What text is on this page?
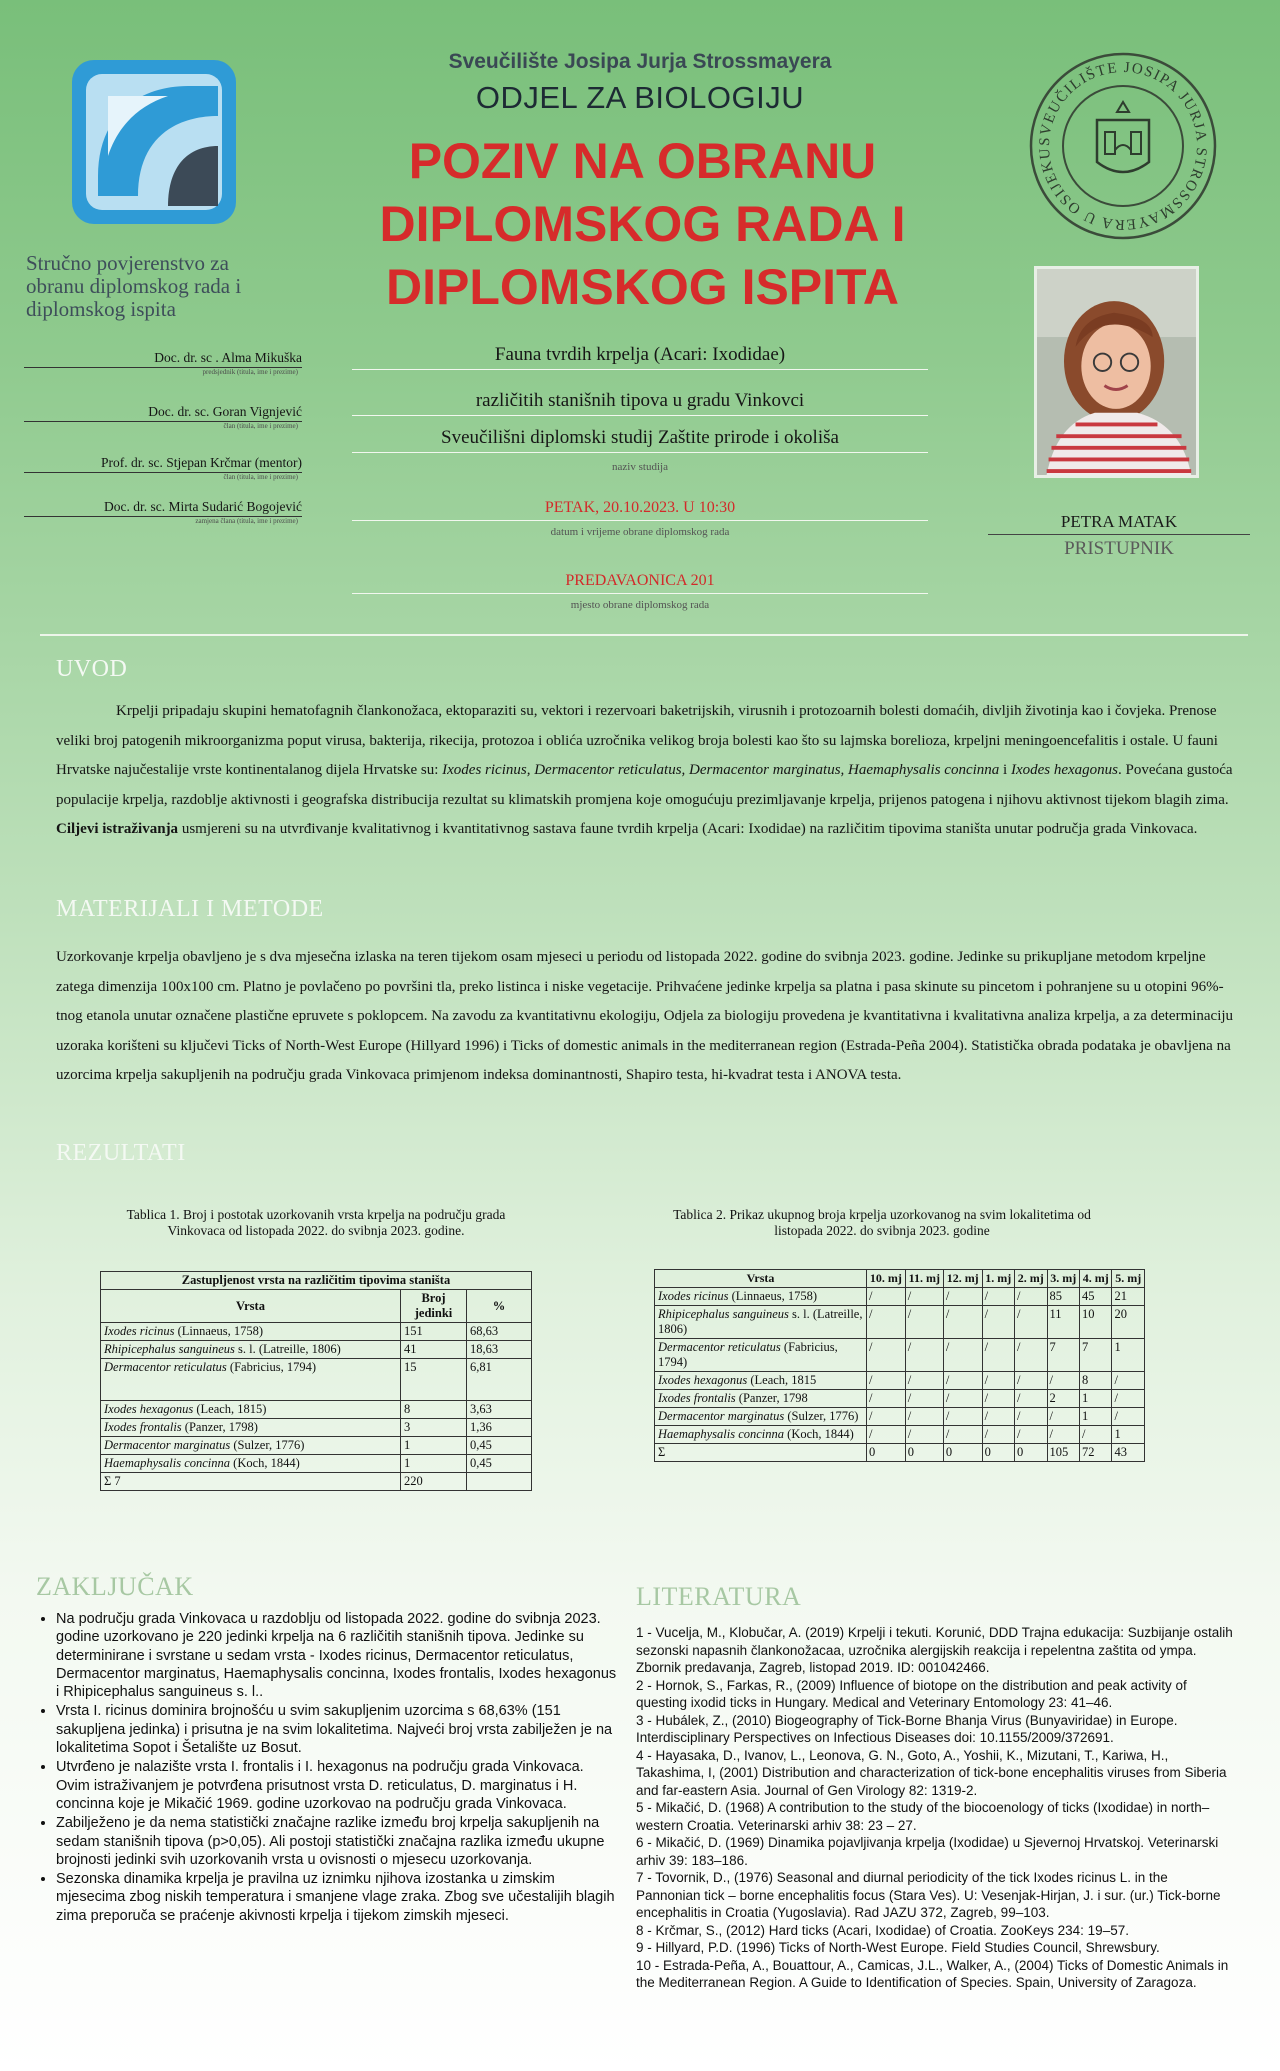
Stručno povjerenstvo za obranu diplomskog rada i diplomskog ispita
Doc. dr. sc . Alma Mikuška
predsjednik (titula, ime i prezime)
Doc. dr. sc. Goran Vignjević
član (titula, ime i prezime)
Prof. dr. sc. Stjepan Krčmar (mentor)
član (titula, ime i prezime)
Doc. dr. sc. Mirta Sudarić Bogojević
zamjena člana (titula, ime i prezime)
Sveučilište Josipa Jurja Strossmayera
ODJEL ZA BIOLOGIJU
POZIV NA OBRANU
DIPLOMSKOG RADA I
DIPLOMSKOG ISPITA
SVEUČILIŠTE JOSIPA JURJA STROSSMAYERA U OSIJEKU
Fauna tvrdih krpelja (Acari: Ixodidae)
različitih stanišnih tipova u gradu Vinkovci
Sveučilišni diplomski studij Zaštite prirode i okoliša
naziv studija
PETAK, 20.10.2023. U 10:30
datum i vrijeme obrane diplomskog rada
PREDAVAONICA 201
mjesto obrane diplomskog rada
PETRA MATAK
PRISTUPNIK
UVOD
Krpelji pripadaju skupini hematofagnih člankonožaca, ektoparaziti su, vektori i rezervoari baketrijskih, virusnih i protozoarnih bolesti domaćih, divljih životinja kao i čovjeka. Prenose veliki broj patogenih mikroorganizma poput virusa, bakterija, rikecija, protozoa i oblića uzročnika velikog broja bolesti kao što su lajmska borelioza, krpeljni meningoencefalitis i ostale. U fauni Hrvatske najučestalije vrste kontinentalanog dijela Hrvatske su: Ixodes ricinus, Dermacentor reticulatus, Dermacentor marginatus, Haemaphysalis concinna i Ixodes hexagonus. Povećana gustoća populacije krpelja, razdoblje aktivnosti i geografska distribucija rezultat su klimatskih promjena koje omogućuju prezimljavanje krpelja, prijenos patogena i njihovu aktivnost tijekom blagih zima. Ciljevi istraživanja usmjereni su na utvrđivanje kvalitativnog i kvantitativnog sastava faune tvrdih krpelja (Acari: Ixodidae) na različitim tipovima staništa unutar područja grada Vinkovaca.
MATERIJALI I METODE
Uzorkovanje krpelja obavljeno je s dva mjesečna izlaska na teren tijekom osam mjeseci u periodu od listopada 2022. godine do svibnja 2023. godine. Jedinke su prikupljane metodom krpeljne zatega dimenzija 100x100 cm. Platno je povlačeno po površini tla, preko listinca i niske vegetacije. Prihvaćene jedinke krpelja sa platna i pasa skinute su pincetom i pohranjene su u otopini 96%-tnog etanola unutar označene plastične epruvete s poklopcem. Na zavodu za kvantitativnu ekologiju, Odjela za biologiju provedena je kvantitativna i kvalitativna analiza krpelja, a za determinaciju uzoraka korišteni su ključevi Ticks of North-West Europe (Hillyard 1996) i Ticks of domestic animals in the mediterranean region (Estrada-Peña 2004). Statistička obrada podataka je obavljena na uzorcima krpelja sakupljenih na području grada Vinkovaca primjenom indeksa dominantnosti, Shapiro testa, hi-kvadrat testa i ANOVA testa.
REZULTATI
Tablica 1. Broj i postotak uzorkovanih vrsta krpelja na području grada Vinkovaca od listopada 2022. do svibnja 2023. godine.
Zastupljenost vrsta na različitim tipovima staništa		
Vrsta	Broj jedinki	%
Ixodes ricinus (Linnaeus, 1758)	151	68,63
Rhipicephalus sanguineus s. l. (Latreille, 1806)	41	18,63
Dermacentor reticulatus (Fabricius, 1794)	15	6,81
Ixodes hexagonus (Leach, 1815)	8	3,63
Ixodes frontalis (Panzer, 1798)	3	1,36
Dermacentor marginatus (Sulzer, 1776)	1	0,45
Haemaphysalis concinna (Koch, 1844)	1	0,45
Σ 7	220	
Tablica 2. Prikaz ukupnog broja krpelja uzorkovanog na svim lokalitetima od listopada 2022. do svibnja 2023. godine
Vrsta	10. mj	11. mj	12. mj	1. mj	2. mj	3. mj	4. mj	5. mj
Ixodes ricinus (Linnaeus, 1758)	/	/	/	/	/	85	45	21
Rhipicephalus sanguineus s. l. (Latreille, 1806)	/	/	/	/	/	11	10	20
Dermacentor reticulatus (Fabricius, 1794)	/	/	/	/	/	7	7	1
Ixodes hexagonus (Leach, 1815	/	/	/	/	/	/	8	/
Ixodes frontalis (Panzer, 1798	/	/	/	/	/	2	1	/
Dermacentor marginatus (Sulzer, 1776)	/	/	/	/	/	/	1	/
Haemaphysalis concinna (Koch, 1844)	/	/	/	/	/	/	/	1
Σ	0	0	0	0	0	105	72	43
ZAKLJUČAK
• Na području grada Vinkovaca u razdoblju od listopada 2022. godine do svibnja 2023. godine uzorkovano je 220 jedinki krpelja na 6 različitih stanišnih tipova. Jedinke su determinirane i svrstane u sedam vrsta - Ixodes ricinus, Dermacentor reticulatus, Dermacentor marginatus, Haemaphysalis concinna, Ixodes frontalis, Ixodes hexagonus i Rhipicephalus sanguineus s. l..
• Vrsta I. ricinus dominira brojnošću u svim sakupljenim uzorcima s 68,63% (151 sakupljena jedinka) i prisutna je na svim lokalitetima. Najveći broj vrsta zabilježen je na lokalitetima Sopot i Šetalište uz Bosut.
• Utvrđeno je nalazište vrsta I. frontalis i I. hexagonus na području grada Vinkovaca. Ovim istraživanjem je potvrđena prisutnost vrsta D. reticulatus, D. marginatus i H. concinna koje je Mikačić 1969. godine uzorkovao na području grada Vinkovaca.
• Zabilježeno je da nema statistički značajne razlike između broj krpelja sakupljenih na sedam stanišnih tipova (p>0,05). Ali postoji statistički značajna razlika između ukupne brojnosti jedinki svih uzorkovanih vrsta u ovisnosti o mjesecu uzorkovanja.
• Sezonska dinamika krpelja je pravilna uz iznimku njihova izostanka u zimskim mjesecima zbog niskih temperatura i smanjene vlage zraka. Zbog sve učestalijih blagih zima preporuča se praćenje akivnosti krpelja i tijekom zimskih mjeseci.
LITERATURA

1 - Vucelja, M., Klobučar, A. (2019) Krpelji i tekuti. Korunić, DDD Trajna edukacija: Suzbijanje ostalih sezonski napasnih člankonožacaa, uzročnika alergijskih reakcija i repelentna zaštita od ympa. Zbornik predavanja, Zagreb, listopad 2019. ID: 001042466.

2 - Hornok, S., Farkas, R., (2009) Influence of biotope on the distribution and peak activity of questing ixodid ticks in Hungary. Medical and Veterinary Entomology 23: 41–46.

3 - Hubálek, Z., (2010) Biogeography of Tick-Borne Bhanja Virus (Bunyaviridae) in Europe. Interdisciplinary Perspectives on Infectious Diseases doi: 10.1155/2009/372691.

4 - Hayasaka, D., Ivanov, L., Leonova, G. N., Goto, A., Yoshii, K., Mizutani, T., Kariwa, H., Takashima, I, (2001) Distribution and characterization of tick-bone encephalitis viruses from Siberia and far-eastern Asia. Journal of Gen Virology 82: 1319-2.

5 - Mikačić, D. (1968) A contribution to the study of the biocoenology of ticks (Ixodidae) in north– western Croatia. Veterinarski arhiv 38: 23 – 27.

6 - Mikačić, D. (1969) Dinamika pojavljivanja krpelja (Ixodidae) u Sjevernoj Hrvatskoj. Veterinarski arhiv 39: 183–186.

7 - Tovornik, D., (1976) Seasonal and diurnal periodicity of the tick Ixodes ricinus L. in the Pannonian tick – borne encephalitis focus (Stara Ves). U: Vesenjak-Hirjan, J. i sur. (ur.) Tick-borne encephalitis in Croatia (Yugoslavia). Rad JAZU 372, Zagreb, 99–103.

8 - Krčmar, S., (2012) Hard ticks (Acari, Ixodidae) of Croatia. ZooKeys 234: 19–57.

9 - Hillyard, P.D. (1996) Ticks of North-West Europe. Field Studies Council, Shrewsbury.

10 - Estrada-Peña, A., Bouattour, A., Camicas, J.L., Walker, A., (2004) Ticks of Domestic Animals in the Mediterranean Region. A Guide to Identification of Species. Spain, University of Zaragoza.
